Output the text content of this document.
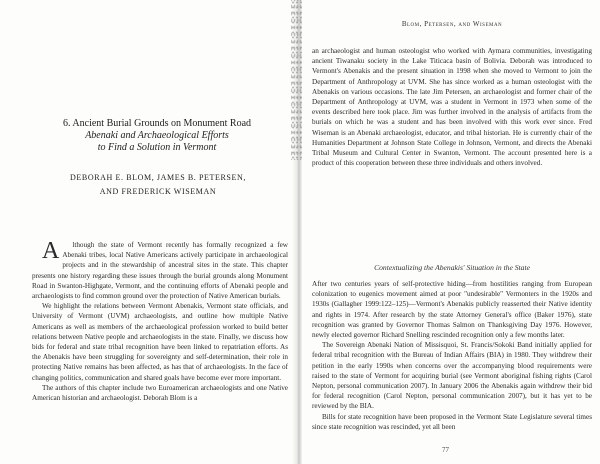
6. Ancient Burial Grounds on Monument Road
Abenaki and Archaeological Efforts
to Find a Solution in Vermont
DEBORAH E. BLOM, JAMES B. PETERSEN,
AND FREDERICK WISEMAN

A lthough the state of Vermont recently has formally recognized a few Abenaki tribes, local Native Americans actively participate in archaeological projects and in the stewardship of ancestral sites in the state. This chapter presents one history regarding these issues through the burial grounds along Monument Road in Swanton-Highgate, Vermont, and the continuing efforts of Abenaki people and archaeologists to find common ground over the protection of Native American burials.

We highlight the relations between Vermont Abenakis, Vermont state officials, and University of Vermont (UVM) archaeologists, and outline how multiple Native Americans as well as members of the archaeological profession worked to build better relations between Native people and archaeologists in the state. Finally, we discuss how bids for federal and state tribal recognition have been linked to repatriation efforts. As the Abenakis have been struggling for sovereignty and self-determination, their role in protecting Native remains has been affected, as has that of archaeologists. In the face of changing politics, communication and shared goals have become ever more important.

The authors of this chapter include two Euroamerican archaeologists and one Native American historian and archaeologist. Deborah Blom is a

Blom, Petersen, and Wiseman

an archaeologist and human osteologist who worked with Aymara communities, investigating ancient Tiwanaku society in the Lake Titicaca basin of Bolivia. Deborah was introduced to Vermont's Abenakis and the present situation in 1998 when she moved to Vermont to join the Department of Anthropology at UVM. She has since worked as a human osteologist with the Abenakis on various occasions. The late Jim Petersen, an archaeologist and former chair of the Department of Anthropology at UVM, was a student in Vermont in 1973 when some of the events described here took place. Jim was further involved in the analysis of artifacts from the burials on which he was a student and has been involved with this work ever since. Fred Wiseman is an Abenaki archaeologist, educator, and tribal historian. He is currently chair of the Humanities Department at Johnson State College in Johnson, Vermont, and directs the Abenaki Tribal Museum and Cultural Center in Swanton, Vermont. The account presented here is a product of this cooperation between these three individuals and others involved.

Contextualizing the Abenakis' Situation in the State

After two centuries years of self-protective hiding—from hostilities ranging from European colonization to eugenics movement aimed at poor "undesirable" Vermonters in the 1920s and 1930s (Gallagher 1999:122–125)—Vermont's Abenakis publicly reasserted their Native identity and rights in 1974. After research by the state Attorney General's office (Baker 1976), state recognition was granted by Governor Thomas Salmon on Thanksgiving Day 1976. However, newly elected governor Richard Snelling rescinded recognition only a few months later.

The Sovereign Abenaki Nation of Missisquoi, St. Francis/Sokoki Band initially applied for federal tribal recognition with the Bureau of Indian Affairs (BIA) in 1980. They withdrew their petition in the early 1990s when concerns over the accompanying blood requirements were raised to the state of Vermont for acquiring burial (see Vermont aboriginal fishing rights (Carol Nepton, personal communication 2007). In January 2006 the Abenakis again withdrew their bid for federal recognition (Carol Nepton, personal communication 2007), but it has yet to be reviewed by the BIA.

Bills for state recognition have been proposed in the Vermont State Legislature several times since state recognition was rescinded, yet all been

77
